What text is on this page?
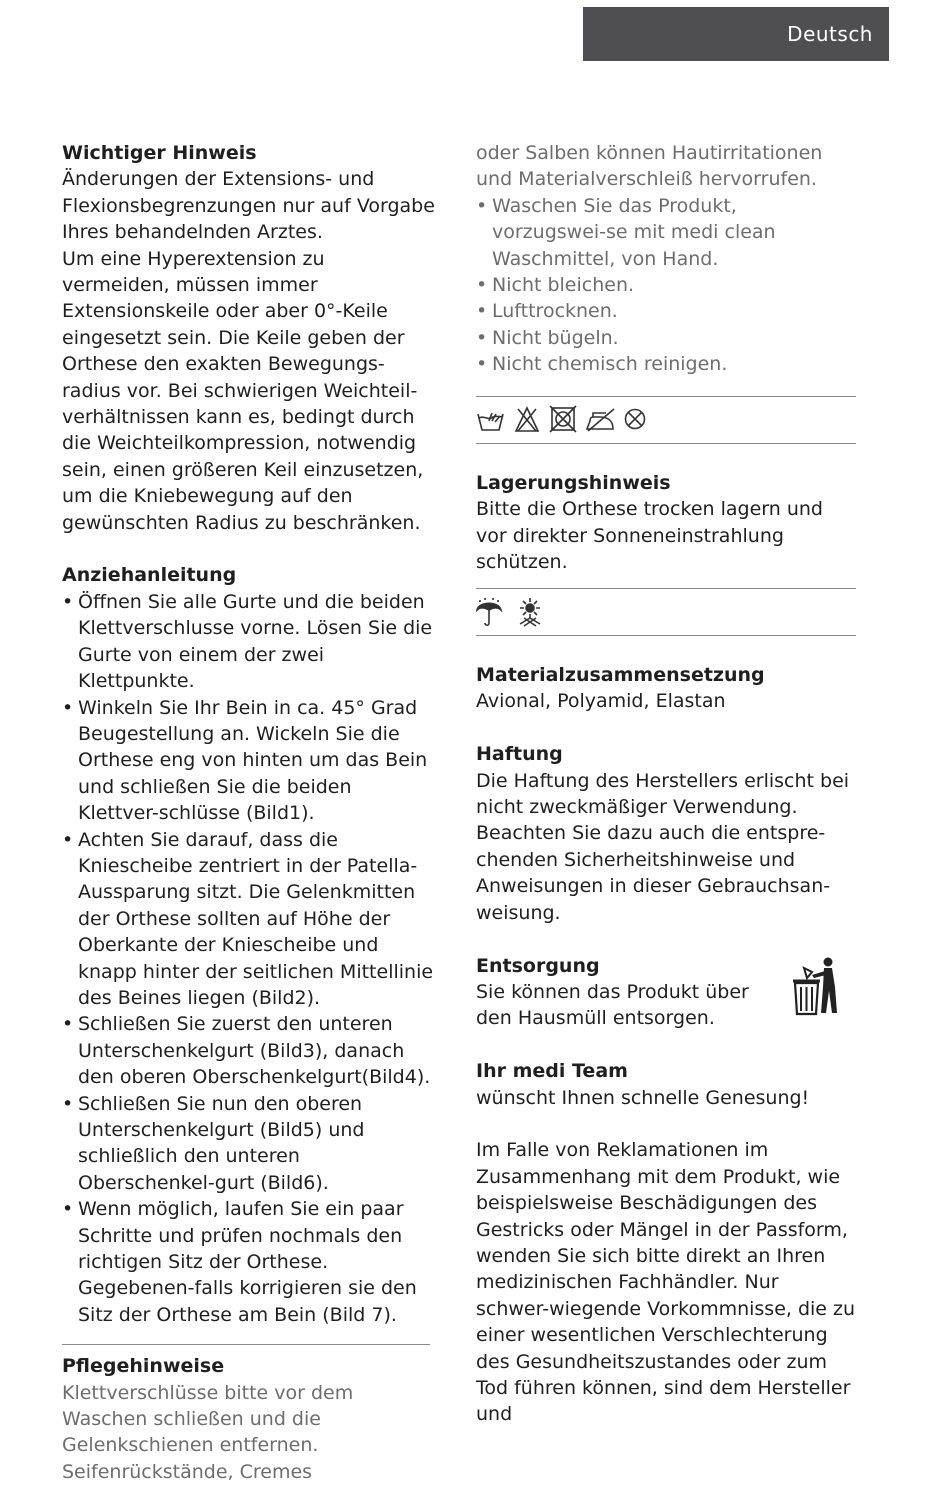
Deutsch

Wichtiger Hinweis

Änderungen der Extensions- und Flexionsbegrenzungen nur auf Vorgabe Ihres behandelnden Arztes.

Um eine Hyperextension zu vermeiden, müssen immer Extensionskeile oder aber 0°-Keile eingesetzt sein. Die Keile geben der Orthese den exakten Bewegungs-radius vor. Bei schwierigen Weichteil-verhältnissen kann es, bedingt durch die Weichteilkompression, notwendig sein, einen größeren Keil einzusetzen, um die Kniebewegung auf den gewünschten Radius zu beschränken.

Anziehanleitung

• Öffnen Sie alle Gurte und die beiden Klettverschlusse vorne. Lösen Sie die Gurte von einem der zwei Klettpunkte.
• Winkeln Sie Ihr Bein in ca. 45° Grad Beugestellung an. Wickeln Sie die Orthese eng von hinten um das Bein und schließen Sie die beiden Klettver-schlüsse (Bild1).
• Achten Sie darauf, dass die Kniescheibe zentriert in der Patella-Aussparung sitzt. Die Gelenkmitten der Orthese sollten auf Höhe der Oberkante der Kniescheibe und knapp hinter der seitlichen Mittellinie des Beines liegen (Bild2).
• Schließen Sie zuerst den unteren Unterschenkelgurt (Bild3), danach den oberen Oberschenkelgurt(Bild4).
• Schließen Sie nun den oberen Unterschenkelgurt (Bild5) und schließlich den unteren Oberschenkel-gurt (Bild6).
• Wenn möglich, laufen Sie ein paar Schritte und prüfen nochmals den richtigen Sitz der Orthese. Gegebenen-falls korrigieren sie den Sitz der Orthese am Bein (Bild 7).

Pflegehinweise

Klettverschlüsse bitte vor dem Waschen schließen und die Gelenkschienen entfernen. Seifenrückstände, Cremes

oder Salben können Hautirritationen und Materialverschleiß hervorrufen.

• Waschen Sie das Produkt, vorzugswei-se mit medi clean Waschmittel, von Hand.
• Nicht bleichen.
• Lufttrocknen.
• Nicht bügeln.
• Nicht chemisch reinigen.

Lagerungshinweis

Bitte die Orthese trocken lagern und vor direkter Sonneneinstrahlung schützen.

Materialzusammensetzung

Avional, Polyamid, Elastan

Haftung

Die Haftung des Herstellers erlischt bei nicht zweckmäßiger Verwendung. Beachten Sie dazu auch die entspre-chenden Sicherheitshinweise und Anweisungen in dieser Gebrauchsan-weisung.

Entsorgung

Sie können das Produkt über den Hausmüll entsorgen.

Ihr medi Team

wünscht Ihnen schnelle Genesung!

Im Falle von Reklamationen im Zusammenhang mit dem Produkt, wie beispielsweise Beschädigungen des Gestricks oder Mängel in der Passform, wenden Sie sich bitte direkt an Ihren medizinischen Fachhändler. Nur schwer-wiegende Vorkommnisse, die zu einer wesentlichen Verschlechterung des Gesundheitszustandes oder zum Tod führen können, sind dem Hersteller und
